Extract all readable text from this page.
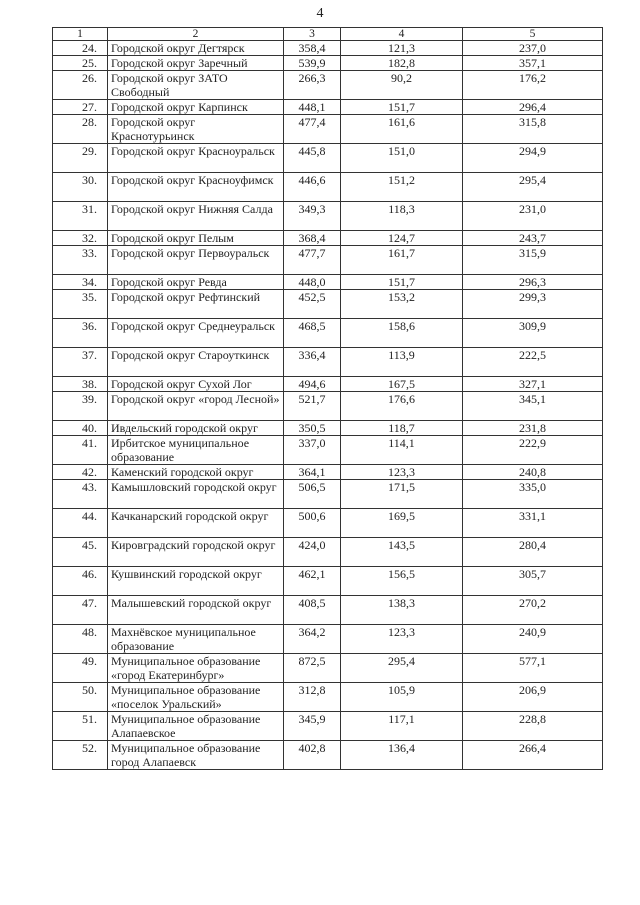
4
1	2	3	4	5
24.	Городской округ Дегтярск	358,4	121,3	237,0
25.	Городской округ Заречный	539,9	182,8	357,1
26.	Городской округ ЗАТО Свободный	266,3	90,2	176,2
27.	Городской округ Карпинск	448,1	151,7	296,4
28.	Городской округ Краснотурьинск	477,4	161,6	315,8
29.	Городской округ Красноуральск	445,8	151,0	294,9
30.	Городской округ Красноуфимск	446,6	151,2	295,4
31.	Городской округ Нижняя Салда	349,3	118,3	231,0
32.	Городской округ Пелым	368,4	124,7	243,7
33.	Городской округ Первоуральск	477,7	161,7	315,9
34.	Городской округ Ревда	448,0	151,7	296,3
35.	Городской округ Рефтинский	452,5	153,2	299,3
36.	Городской округ Среднеуральск	468,5	158,6	309,9
37.	Городской округ Староуткинск	336,4	113,9	222,5
38.	Городской округ Сухой Лог	494,6	167,5	327,1
39.	Городской округ «город Лесной»	521,7	176,6	345,1
40.	Ивдельский городской округ	350,5	118,7	231,8
41.	Ирбитское муниципальное образование	337,0	114,1	222,9
42.	Каменский городской округ	364,1	123,3	240,8
43.	Камышловский городской округ	506,5	171,5	335,0
44.	Качканарский городской округ	500,6	169,5	331,1
45.	Кировградский городской округ	424,0	143,5	280,4
46.	Кушвинский городской округ	462,1	156,5	305,7
47.	Малышевский городской округ	408,5	138,3	270,2
48.	Махнёвское муниципальное образование	364,2	123,3	240,9
49.	Муниципальное образование «город Екатеринбург»	872,5	295,4	577,1
50.	Муниципальное образование «поселок Уральский»	312,8	105,9	206,9
51.	Муниципальное образование Алапаевское	345,9	117,1	228,8
52.	Муниципальное образование город Алапаевск	402,8	136,4	266,4
